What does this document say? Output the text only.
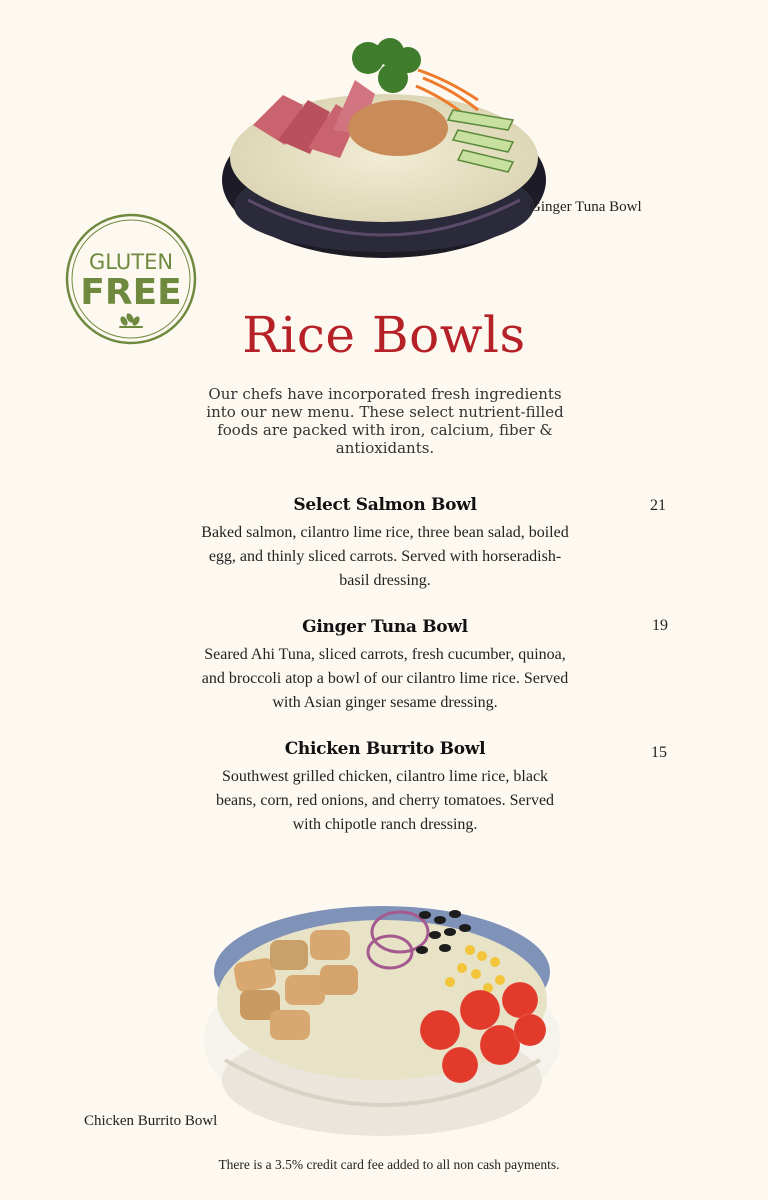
Ginger Tuna Bowl
GLUTEN
FREE
Rice Bowls
Our chefs have incorporated fresh ingredients into our new menu. These select nutrient-filled foods are packed with iron, calcium, fiber & antioxidants.
Select Salmon Bowl
Baked salmon, cilantro lime rice, three bean salad, boiled egg, and thinly sliced carrots. Served with horseradish-basil dressing.
21
Ginger Tuna Bowl
Seared Ahi Tuna, sliced carrots, fresh cucumber, quinoa, and broccoli atop a bowl of our cilantro lime rice. Served with Asian ginger sesame dressing.
19
Chicken Burrito Bowl
Southwest grilled chicken, cilantro lime rice, black beans, corn, red onions, and cherry tomatoes. Served with chipotle ranch dressing.
15
Chicken Burrito Bowl
There is a 3.5% credit card fee added to all non cash payments.
